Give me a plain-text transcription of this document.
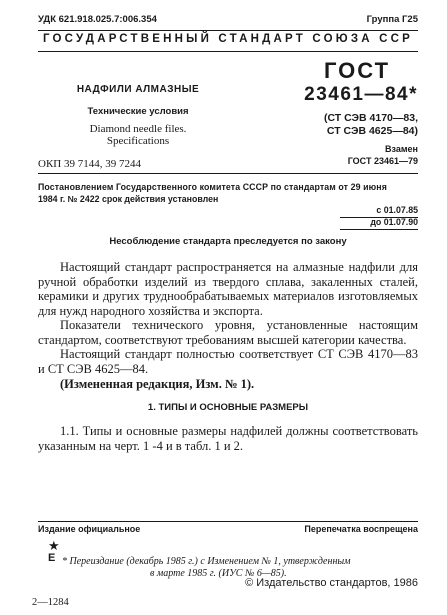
УДК 621.918.025.7:006.354	Группа Г25
ГОСУДАРСТВЕННЫЙ СТАНДАРТ СОЮЗА ССР
НАДФИЛИ АЛМАЗНЫЕ
Технические условия
Diamond needle files.
Specifications
ОКП 39 7144, 39 7244
ГОСТ
23461—84*
(СТ СЭВ 4170—83,
СТ СЭВ 4625—84)
Взамен
ГОСТ 23461—79
Постановлением Государственного комитета СССР по стандартам от 29 июня
1984 г. № 2422 срок действия установлен
с 01.07.85
до 01.07.90
Несоблюдение стандарта преследуется по закону

Настоящий стандарт распространяется на алмазные надфили для ручной обработки изделий из твердого сплава, закаленных сталей, керамики и других труднообрабатываемых материалов изготовляемых для нужд народного хозяйства и экспорта.

Показатели технического уровня, установленные настоящим стандартом, соответствуют требованиям высшей категории качества.

Настоящий стандарт полностью соответствует СТ СЭВ 4170—83 и СТ СЭВ 4625—84.

(Измененная редакция, Изм. № 1).
1. ТИПЫ И ОСНОВНЫЕ РАЗМЕРЫ

1.1. Типы и основные размеры надфилей должны соответствовать указанным на черт. 1 -4 и в табл. 1 и 2.

Издание официальное	Перепечатка воспрещена
★
Е * Переиздание (декабрь 1985 г.) с Изменением № 1, утвержденным
в марте 1985 г. (ИУС № 6—85).
© Издательство стандартов, 1986
2—1284
